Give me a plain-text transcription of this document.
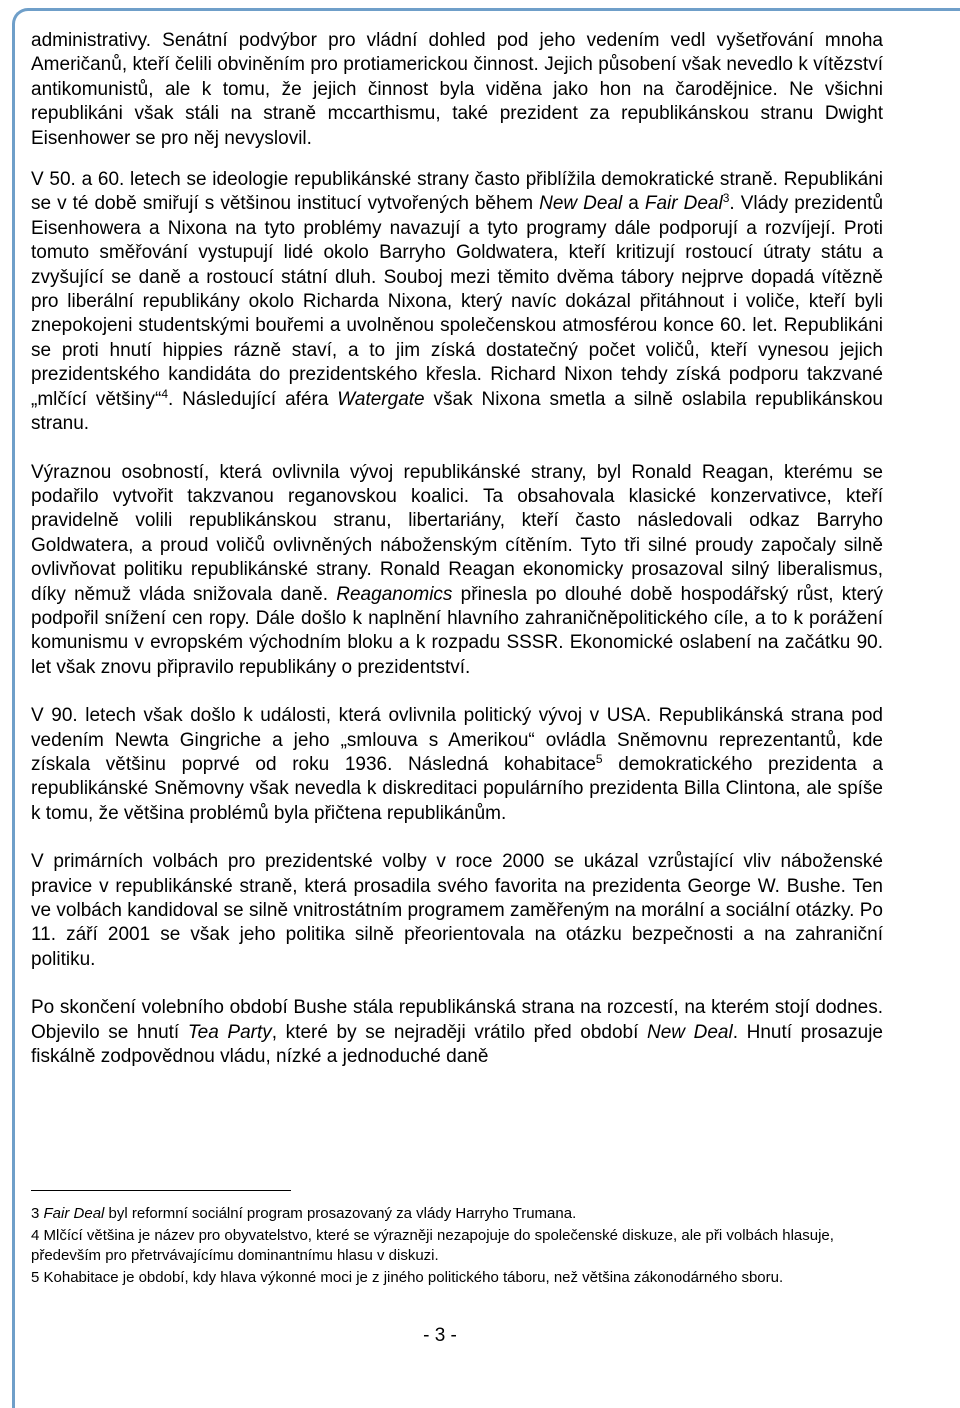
administrativy. Senátní podvýbor pro vládní dohled pod jeho vedením vedl vyšetřování mnoha Američanů, kteří čelili obviněním pro protiamerickou činnost. Jejich působení však nevedlo k vítězství antikomunistů, ale k tomu, že jejich činnost byla viděna jako hon na čarodějnice. Ne všichni republikáni však stáli na straně mccarthismu, také prezident za republikánskou stranu Dwight Eisenhower se pro něj nevyslovil.

V 50. a 60. letech se ideologie republikánské strany často přiblížila demokratické straně. Republikáni se v té době smiřují s většinou institucí vytvořených během New Deal a Fair Deal$^3$. Vlády prezidentů Eisenhowera a Nixona na tyto problémy navazují a tyto programy dále podporují a rozvíjejí. Proti tomuto směřování vystupují lidé okolo Barryho Goldwatera, kteří kritizují rostoucí útraty státu a zvyšující se daně a rostoucí státní dluh. Souboj mezi těmito dvěma tábory nejprve dopadá vítězně pro liberální republikány okolo Richarda Nixona, který navíc dokázal přitáhnout i voliče, kteří byli znepokojeni studentskými bouřemi a uvolněnou společenskou atmosférou konce 60. let. Republikáni se proti hnutí hippies rázně staví, a to jim získá dostatečný počet voličů, kteří vynesou jejich prezidentského kandidáta do prezidentského křesla. Richard Nixon tehdy získá podporu takzvané „mlčící většiny“$^4$. Následující aféra Watergate však Nixona smetla a silně oslabila republikánskou stranu.

Výraznou osobností, která ovlivnila vývoj republikánské strany, byl Ronald Reagan, kterému se podařilo vytvořit takzvanou reganovskou koalici. Ta obsahovala klasické konzervativce, kteří pravidelně volili republikánskou stranu, libertariány, kteří často následovali odkaz Barryho Goldwatera, a proud voličů ovlivněných náboženským cítěním. Tyto tři silné proudy započaly silně ovlivňovat politiku republikánské strany. Ronald Reagan ekonomicky prosazoval silný liberalismus, díky němuž vláda snižovala daně. Reaganomics přinesla po dlouhé době hospodářský růst, který podpořil snížení cen ropy. Dále došlo k naplnění hlavního zahraničněpolitického cíle, a to k porážení komunismu v evropském východním bloku a k rozpadu SSSR. Ekonomické oslabení na začátku 90. let však znovu připravilo republikány o prezidentství.

V 90. letech však došlo k události, která ovlivnila politický vývoj v USA. Republikánská strana pod vedením Newta Gingriche a jeho „smlouva s Amerikou“ ovládla Sněmovnu reprezentantů, kde získala většinu poprvé od roku 1936. Následná kohabitace$^5$ demokratického prezidenta a republikánské Sněmovny však nevedla k diskreditaci populárního prezidenta Billa Clintona, ale spíše k tomu, že většina problémů byla přičtena republikánům.

V primárních volbách pro prezidentské volby v roce 2000 se ukázal vzrůstající vliv náboženské pravice v republikánské straně, která prosadila svého favorita na prezidenta George W. Bushe. Ten ve volbách kandidoval se silně vnitrostátním programem zaměřeným na morální a sociální otázky. Po 11. září 2001 se však jeho politika silně přeorientovala na otázku bezpečnosti a na zahraniční politiku.

Po skončení volebního období Bushe stála republikánská strana na rozcestí, na kterém stojí dodnes. Objevilo se hnutí Tea Party, které by se nejraději vrátilo před období New Deal. Hnutí prosazuje fiskálně zodpovědnou vládu, nízké a jednoduché daně

3 Fair Deal byl reformní sociální program prosazovaný za vlády Harryho Trumana.

4 Mlčící většina je název pro obyvatelstvo, které se výrazněji nezapojuje do společenské diskuze, ale při volbách hlasuje, především pro přetrvávajícímu dominantnímu hlasu v diskuzi.

5 Kohabitace je období, kdy hlava výkonné moci je z jiného politického táboru, než většina zákonodárného sboru.

- 3 -
